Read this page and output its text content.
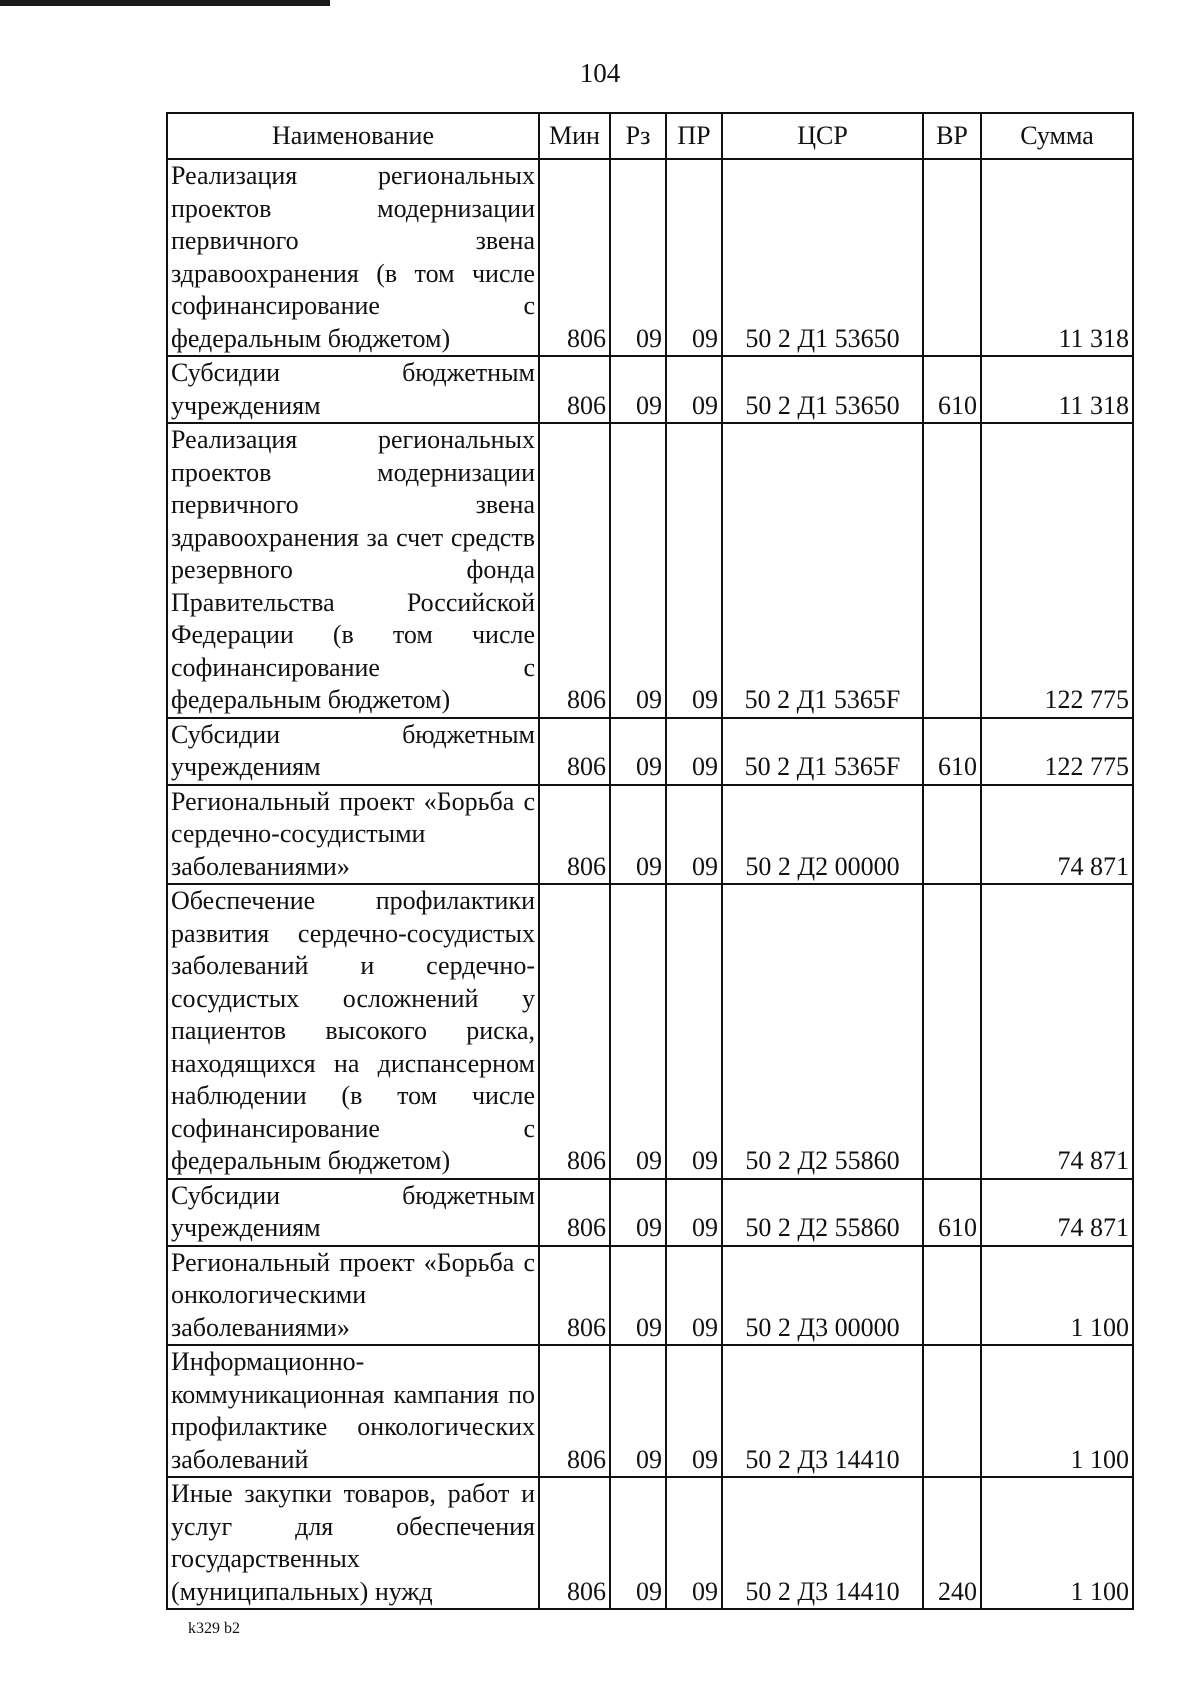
104
Наименование	Мин	Рз	ПР	ЦСР	ВР	Сумма
Реализация региональных проектов модернизации первичного звена здравоохранения (в том числе софинансирование с федеральным бюджетом)	806	09	09	50 2 Д1 53650		11 318
Субсидии бюджетным учреждениям	806	09	09	50 2 Д1 53650	610	11 318
Реализация региональных проектов модернизации первичного звена здравоохранения за счет средств резервного фонда Правительства Российской Федерации (в том числе софинансирование с федеральным бюджетом)	806	09	09	50 2 Д1 5365F		122 775
Субсидии бюджетным учреждениям	806	09	09	50 2 Д1 5365F	610	122 775
Региональный проект «Борьба с сердечно-сосудистыми заболеваниями»	806	09	09	50 2 Д2 00000		74 871
Обеспечение профилактики развития сердечно-сосудистых заболеваний и сердечно-сосудистых осложнений у пациентов высокого риска, находящихся на диспансерном наблюдении (в том числе софинансирование с федеральным бюджетом)	806	09	09	50 2 Д2 55860		74 871
Субсидии бюджетным учреждениям	806	09	09	50 2 Д2 55860	610	74 871
Региональный проект «Борьба с онкологическими заболеваниями»	806	09	09	50 2 Д3 00000		1 100
Информационно-коммуникационная кампания по профилактике онкологических заболеваний	806	09	09	50 2 Д3 14410		1 100
Иные закупки товаров, работ и услуг для обеспечения государственных (муниципальных) нужд	806	09	09	50 2 Д3 14410	240	1 100
k329 b2
